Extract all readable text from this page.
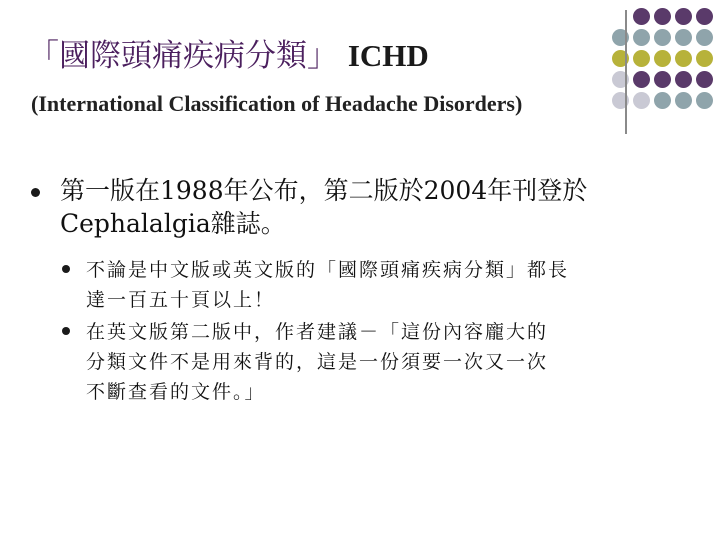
「國際頭痛疾病分類」 ICHD
(International Classification of Headache Disorders)
第一版在1988年公布，第二版於2004年刊登於
Cephalalgia雜誌。
不論是中文版或英文版的「國際頭痛疾病分類」都長
達一百五十頁以上！
在英文版第二版中，作者建議－「這份內容龐大的
分類文件不是用來背的，這是一份須要一次又一次
不斷查看的文件。」
